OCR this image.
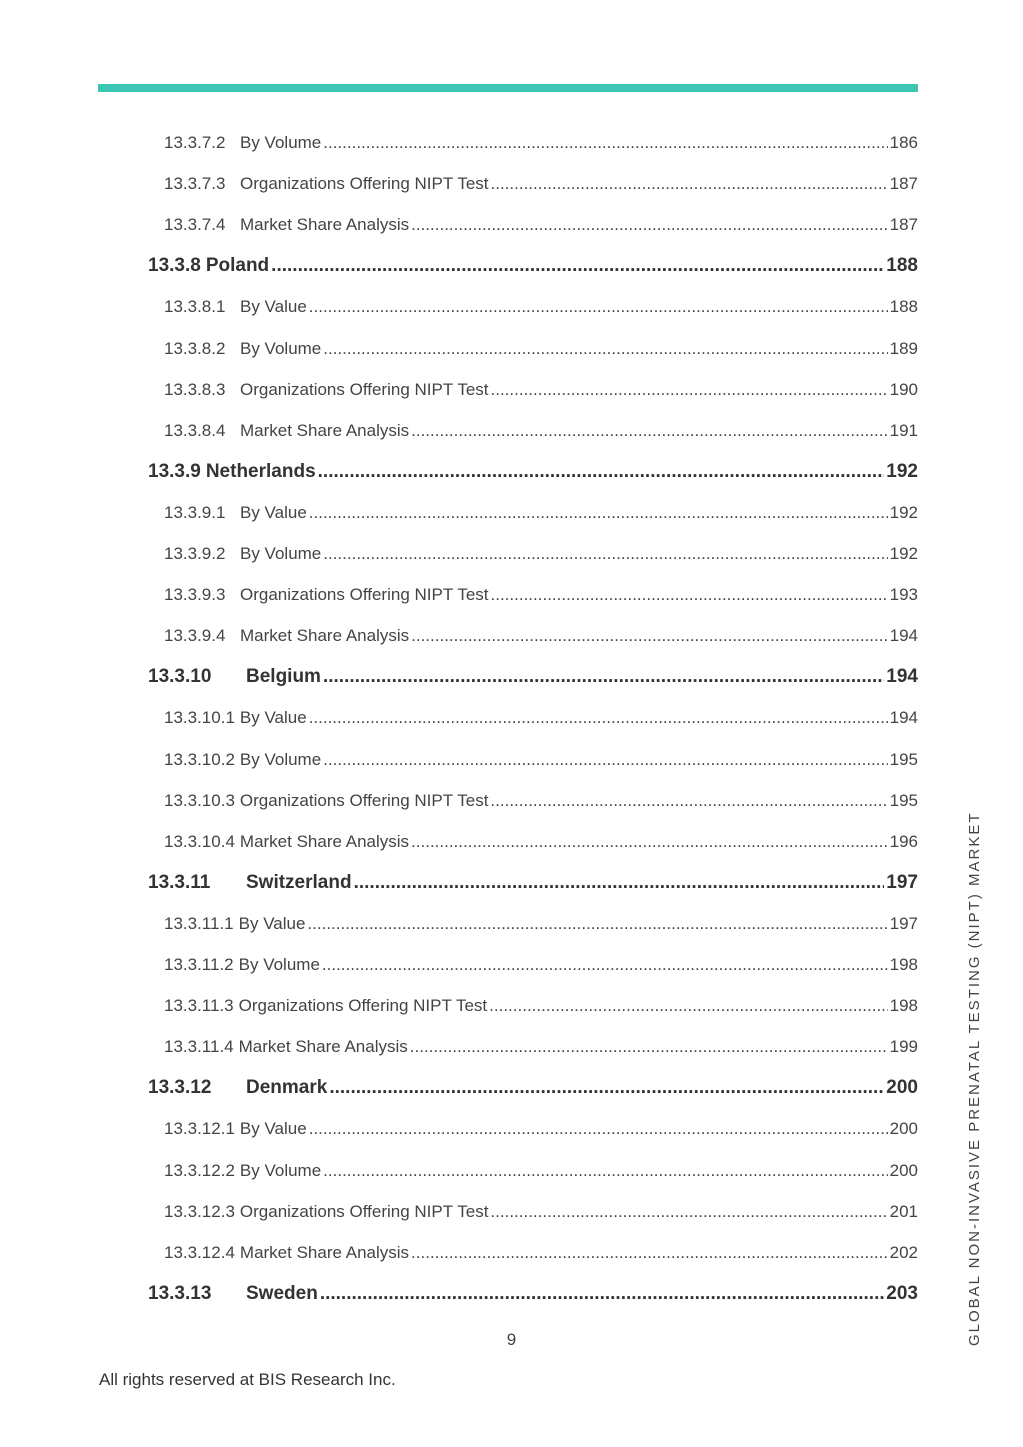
13.3.7.2 By Volume .....	186
13.3.7.3 Organizations Offering NIPT Test .....	187
13.3.7.4 Market Share Analysis .....	187
13.3.8 Poland .....	188
13.3.8.1 By Value .....	188
13.3.8.2 By Volume .....	189
13.3.8.3 Organizations Offering NIPT Test .....	190
13.3.8.4 Market Share Analysis .....	191
13.3.9 Netherlands .....	192
13.3.9.1 By Value .....	192
13.3.9.2 By Volume .....	192
13.3.9.3 Organizations Offering NIPT Test .....	193
13.3.9.4 Market Share Analysis .....	194
13.3.10	Belgium .....	194
13.3.10.1 By Value .....	194
13.3.10.2 By Volume .....	195
13.3.10.3 Organizations Offering NIPT Test .....	195
13.3.10.4 Market Share Analysis .....	196
13.3.11	Switzerland .....	197
13.3.11.1 By Value .....	197
13.3.11.2 By Volume .....	198
13.3.11.3 Organizations Offering NIPT Test .....	198
13.3.11.4 Market Share Analysis .....	199
13.3.12	Denmark .....	200
13.3.12.1 By Value .....	200
13.3.12.2 By Volume .....	200
13.3.12.3 Organizations Offering NIPT Test .....	201
13.3.12.4 Market Share Analysis .....	202
13.3.13	Sweden .....	203
9
All rights reserved at BIS Research Inc.
GLOBAL NON-INVASIVE PRENATAL TESTING (NIPT) MARKET
